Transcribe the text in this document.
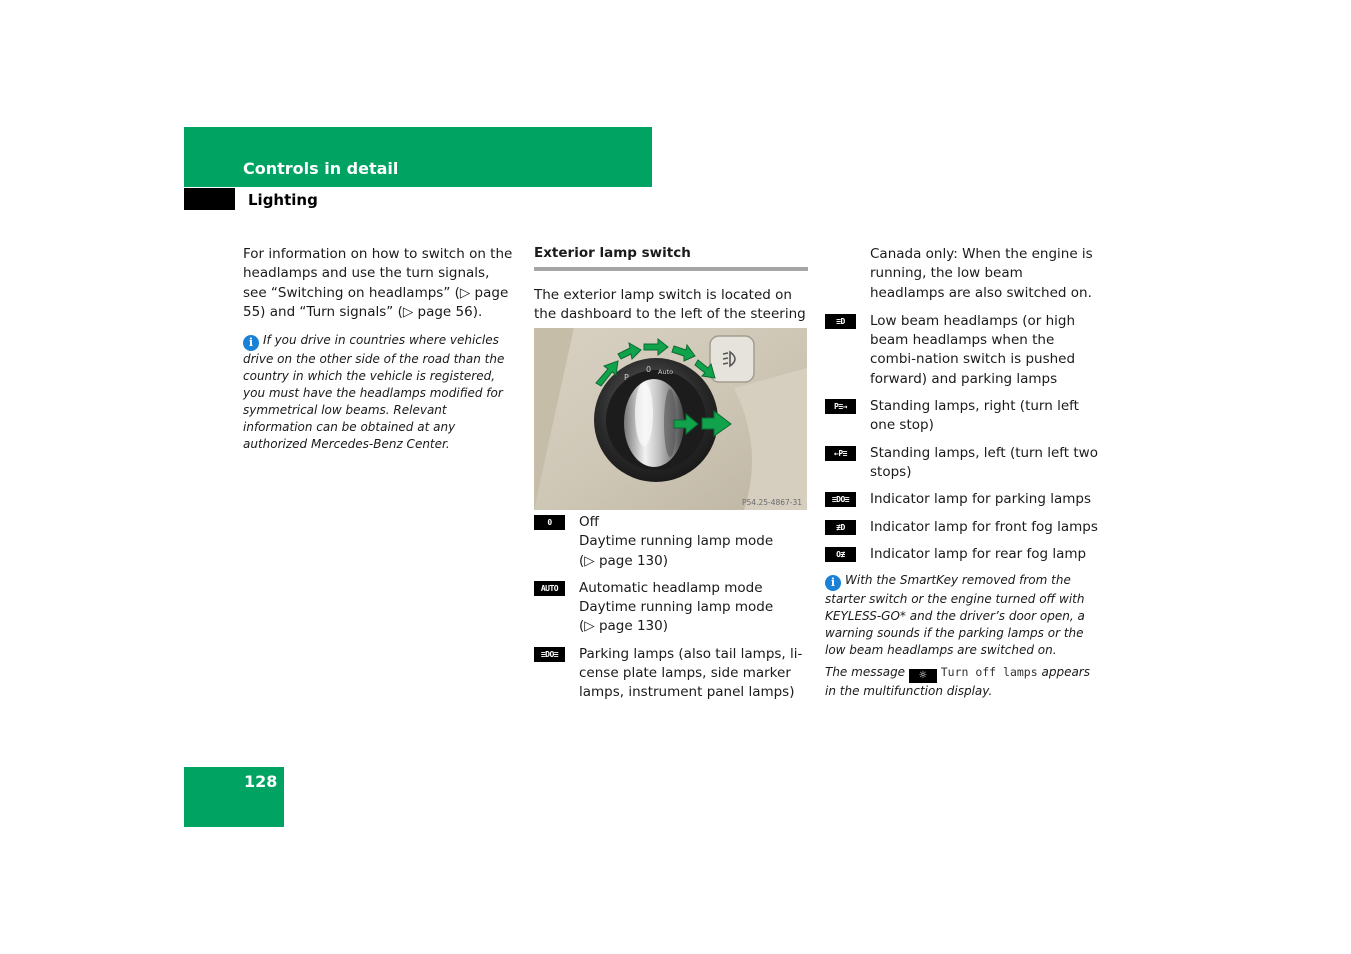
Controls in detail
Lighting

For information on how to switch on the headlamps and use the turn signals, see “Switching on headlamps” (▷ page 55) and “Turn signals” (▷ page 56).

i If you drive in countries where vehicles drive on the other side of the road than the country in which the vehicle is registered, you must have the headlamps modified for symmetrical low beams. Relevant information can be obtained at any authorized Mercedes-Benz Center.

Exterior lamp switch

The exterior lamp switch is located on the dashboard to the left of the steering

P
0 Auto
P54.25-4867-31
0	Off
Daytime running lamp mode
(▷ page 130)
AUTO	Automatic headlamp mode
Daytime running lamp mode
(▷ page 130)
≡DO≡	Parking lamps (also tail lamps, li-cense plate lamps, side marker lamps, instrument panel lamps)

Canada only: When the engine is running, the low beam headlamps are also switched on.

≡D	Low beam headlamps (or high beam headlamps when the combi-nation switch is pushed forward) and parking lamps
P≡→	Standing lamps, right (turn left one stop)
←P≡	Standing lamps, left (turn left two stops)
≡DO≡	Indicator lamp for parking lamps
≢D	Indicator lamp for front fog lamps
O≢	Indicator lamp for rear fog lamp

i With the SmartKey removed from the starter switch or the engine turned off with KEYLESS-GO* and the driver’s door open, a warning sounds if the parking lamps or the low beam headlamps are switched on.

The message ☼ Turn off lamps appears in the multifunction display.

128
